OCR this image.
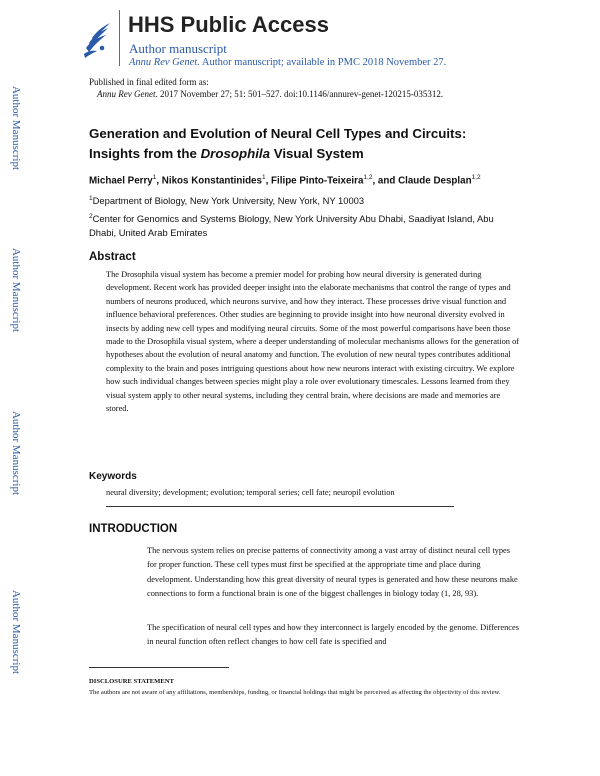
HHS Public Access
Author manuscript
Annu Rev Genet. Author manuscript; available in PMC 2018 November 27.
Author Manuscript
Author Manuscript
Author Manuscript
Author Manuscript
Published in final edited form as:
Annu Rev Genet. 2017 November 27; 51: 501–527. doi:10.1146/annurev-genet-120215-035312.
Generation and Evolution of Neural Cell Types and Circuits:
Insights from the Drosophila Visual System
Michael Perry$^1$, Nikos Konstantinides$^1$, Filipe Pinto-Teixeira$^{1,2}$, and Claude Desplan$^{1,2}$
$^1$Department of Biology, New York University, New York, NY 10003
$^2$Center for Genomics and Systems Biology, New York University Abu Dhabi, Saadiyat Island, Abu Dhabi, United Arab Emirates
Abstract

The Drosophila visual system has become a premier model for probing how neural diversity is generated during development. Recent work has provided deeper insight into the elaborate mechanisms that control the range of types and numbers of neurons produced, which neurons survive, and how they interact. These processes drive visual function and influence behavioral preferences. Other studies are beginning to provide insight into how neuronal diversity evolved in insects by adding new cell types and modifying neural circuits. Some of the most powerful comparisons have been those made to the Drosophila visual system, where a deeper understanding of molecular mechanisms allows for the generation of hypotheses about the evolution of neural anatomy and function. The evolution of new neural types contributes additional complexity to the brain and poses intriguing questions about how new neurons interact with existing circuitry. We explore how such individual changes between species might play a role over evolutionary timescales. Lessons learned from they visual system apply to other neural systems, including they central brain, where decisions are made and memories are stored.

Keywords
neural diversity; development; evolution; temporal series; cell fate; neuropil evolution
INTRODUCTION

The nervous system relies on precise patterns of connectivity among a vast array of distinct neural cell types for proper function. These cell types must first be specified at the appropriate time and place during development. Understanding how this great diversity of neural types is generated and how these neurons make connections to form a functional brain is one of the biggest challenges in biology today (1, 28, 93).

The specification of neural cell types and how they interconnect is largely encoded by the genome. Differences in neural function often reflect changes to how cell fate is specified and

DISCLOSURE STATEMENT

The authors are not aware of any affiliations, memberships, funding, or financial holdings that might be perceived as affecting the objectivity of this review.
